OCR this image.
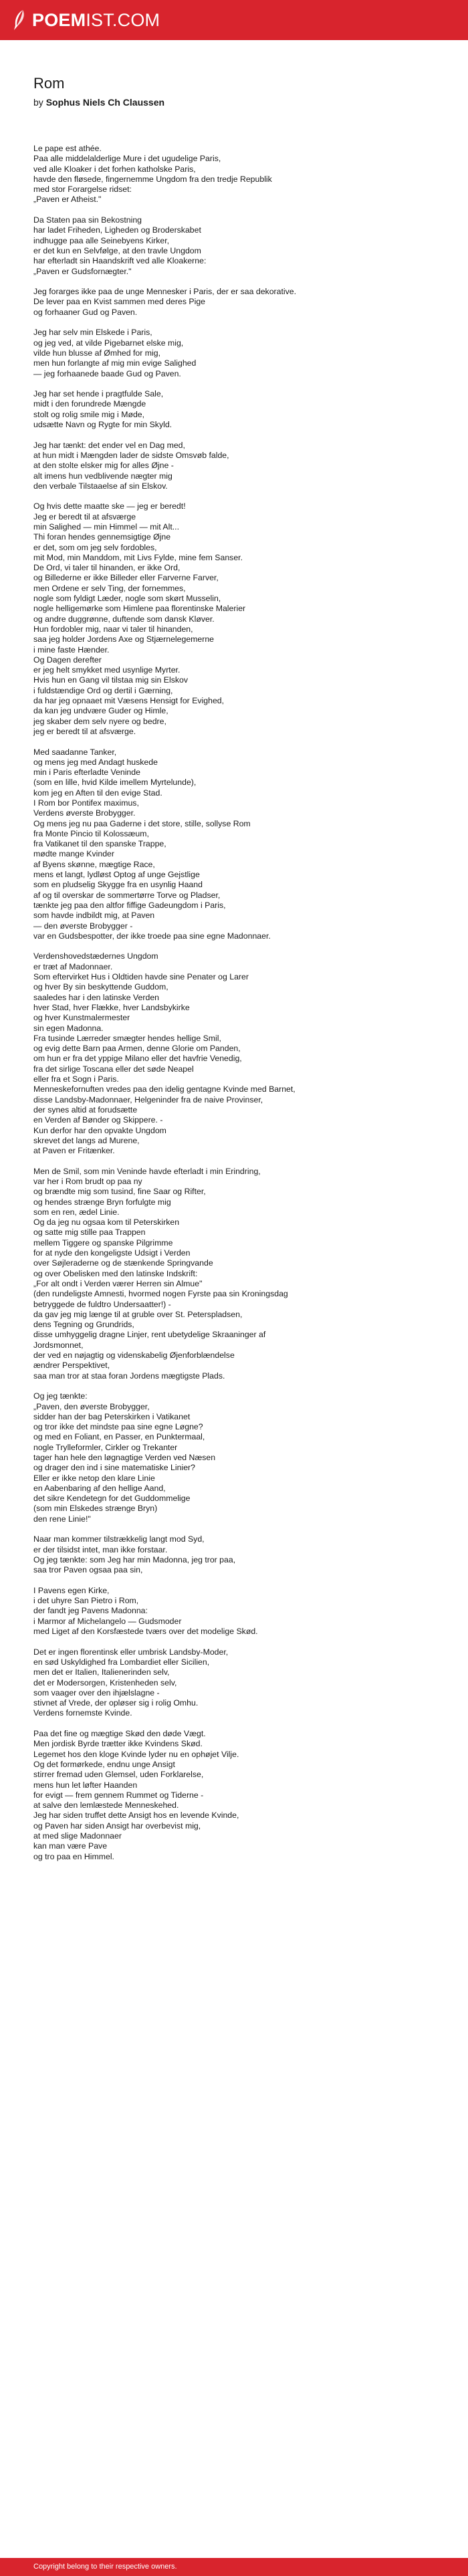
POEMIST.COM
Rom
by Sophus Niels Ch Claussen
Le pape est athée.
Paa alle middelalderlige Mure i det ugudelige Paris,
ved alle Kloaker i det forhen katholske Paris,
havde den fløsede, fingernemme Ungdom fra den tredje Republik
med stor Forargelse ridset:
„Paven er Atheist."
Da Staten paa sin Bekostning
har ladet Friheden, Ligheden og Broderskabet
indhugge paa alle Seinebyens Kirker,
er det kun en Selvfølge, at den travle Ungdom
har efterladt sin Haandskrift ved alle Kloakerne:
„Paven er Gudsfornægter."
Jeg forarges ikke paa de unge Mennesker i Paris, der er saa dekorative.
De lever paa en Kvist sammen med deres Pige
og forhaaner Gud og Paven.
Jeg har selv min Elskede i Paris,
og jeg ved, at vilde Pigebarnet elske mig,
vilde hun blusse af Ømhed for mig,
men hun forlangte af mig min evige Salighed
— jeg forhaanede baade Gud og Paven.
Jeg har set hende i pragtfulde Sale,
midt i den forundrede Mængde
stolt og rolig smile mig i Møde,
udsætte Navn og Rygte for min Skyld.
Jeg har tænkt: det ender vel en Dag med,
at hun midt i Mængden lader de sidste Omsvøb falde,
at den stolte elsker mig for alles Øjne -
alt imens hun vedblivende nægter mig
den verbale Tilstaaelse af sin Elskov.
Og hvis dette maatte ske — jeg er beredt!
Jeg er beredt til at afsværge
min Salighed — min Himmel — mit Alt...
Thi foran hendes gennemsigtige Øjne
er det, som om jeg selv fordobles,
mit Mod, min Manddom, mit Livs Fylde, mine fem Sanser.
De Ord, vi taler til hinanden, er ikke Ord,
og Billederne er ikke Billeder eller Farverne Farver,
men Ordene er selv Ting, der fornemmes,
nogle som fyldigt Læder, nogle som skørt Musselin,
nogle hellige​mørke som Himlene paa florentinske Malerier
og andre duggrønne, duftende som dansk Kløver.
Hun fordobler mig, naar vi taler til hinanden,
saa jeg holder Jordens Axe og Stjærnelegemerne
i mine faste Hænder.
Og Dagen derefter
er jeg helt smykket med usynlige Myrter.
Hvis hun en Gang vil tilstaa mig sin Elskov
i fuldstændige Ord og dertil i Gærning,
da har jeg opnaaet mit Væsens Hensigt for Evighed,
da kan jeg undvære Guder og Himle,
jeg skaber dem selv nyere og bedre,
jeg er beredt til at afsværge.
Med saadanne Tanker,
og mens jeg med Andagt huskede
min i Paris efterladte Veninde
(som en lille, hvid Kilde imellem Myrtelunde),
kom jeg en Aften til den evige Stad.
I Rom bor Pontifex maximus,
Verdens øverste Brobygger.
Og mens jeg nu paa Gaderne i det store, stille, sollyse Rom
fra Monte Pincio til Kolossæum,
fra Vatikanet til den spanske Trappe,
mødte mange Kvinder
af Byens skønne, mægtige Race,
mens et langt, lydløst Optog af unge Gejstlige
som en pludselig Skygge fra en usynlig Haand
af og til overskar de sommertørre Torve og Pladser,
tænkte jeg paa den altfor fiffige Gadeungdom i Paris,
som havde indbildt mig, at Paven
— den øverste Brobygger -
var en Gudsbespotter, der ikke troede paa sine egne Madonnaer.
Verdenshovedstædernes Ungdom
er træt af Madonnaer.
Som eftervirket Hus i Oldtiden havde sine Penater og Larer
og hver By sin beskyttende Guddom,
saaledes har i den latinske Verden
hver Stad, hver Flække, hver Landsbykirke
og hver Kunstmalermester
sin egen Madonna.
Fra tusinde Lærreder smægter hendes hellige Smil,
og evig dette Barn paa Armen, denne Glorie om Panden,
om hun er fra det yppige Milano eller det havfrie Venedig,
fra det sirlige Toscana eller det søde Neapel
eller fra et Sogn i Paris.
Menneskefornuften vredes paa den idelig gentagne Kvinde med Barnet,
disse Landsby-Madonnaer, Helgeninder fra de naive Provinser,
der synes altid at forudsætte
en Verden af Bønder og Skippere. -
Kun derfor har den opvakte Ungdom
skrevet det langs ad Murene,
at Paven er Fritænker.
Men de Smil, som min Veninde havde efterladt i min Erindring,
var her i Rom brudt op paa ny
og brændte mig som tusind, fine Saar og Rifter,
og hendes strænge Bryn forfulgte mig
som en ren, ædel Linie.
Og da jeg nu ogsaa kom til Peterskirken
og satte mig stille paa Trappen
mellem Tiggere og spanske Pilgrimme
for at nyde den kongeligste Udsigt i Verden
over Søjleraderne og de stænkende Springvande
og over Obelisken med den latinske Indskrift:
„For alt ondt i Verden værer Herren sin Almue"
(den rundeligste Amnesti, hvormed nogen Fyrste paa sin Kroningsdag
betryggede de fuldtro Undersaatter!) -
da gav jeg mig længe til at gruble over St. Peterspladsen,
dens Tegning og Grundrids,
disse umhyggelig dragne Linjer, rent ubetydelige Skraaninger af
Jordsmonnet,
der ved en nøjagtig og videnskabelig Øjenforblændelse
ændrer Perspektivet,
saa man tror at staa foran Jordens mægtigste Plads.
Og jeg tænkte:
„Paven, den øverste Brobygger,
sidder han der bag Peterskirken i Vatikanet
og tror ikke det mindste paa sine egne Løgne?
og med en Foliant, en Passer, en Punktermaal,
nogle Trylleformler, Cirkler og Trekanter
tager han hele den løgnagtige Verden ved Næsen
og drager den ind i sine matematiske Linier?
Eller er ikke netop den klare Linie
en Aabenbaring af den hellige Aand,
det sikre Kendetegn for det Guddommelige
(som min Elskedes strænge Bryn)
den rene Linie!"
Naar man kommer tilstrækkelig langt mod Syd,
er der tilsidst intet, man ikke forstaar.
Og jeg tænkte: som Jeg har min Madonna, jeg tror paa,
saa tror Paven ogsaa paa sin,
I Pavens egen Kirke,
i det uhyre San Pietro i Rom,
der fandt jeg Pavens Madonna:
i Marmor af Michelangelo — Gudsmoder
med Liget af den Korsfæstede tværs over det modelige Skød.
Det er ingen florentinsk eller umbrisk Landsby-Moder,
en sød Uskyldighed fra Lombardiet eller Sicilien,
men det er Italien, Italienerinden selv,
det er Modersorgen, Kristenheden selv,
som vaager over den ihjælslagne -
stivnet af Vrede, der opløser sig i rolig Omhu.
Verdens fornemste Kvinde.
Paa det fine og mægtige Skød den døde Vægt.
Men jordisk Byrde trætter ikke Kvindens Skød.
Legemet hos den kloge Kvinde lyder nu en ophøjet Vilje.
Og det formørkede, endnu unge Ansigt
stirrer fremad uden Glemsel, uden Forklarelse,
mens hun let løfter Haanden
for evigt — frem gennem Rummet og Tiderne -
at salve den lemlæstede Menneskehed.
Jeg har siden truffet dette Ansigt hos en levende Kvinde,
og Paven har siden Ansigt har overbevist mig,
at med slige Madonnaer
kan man være Pave
og tro paa en Himmel.
Copyright belong to their respective owners.
